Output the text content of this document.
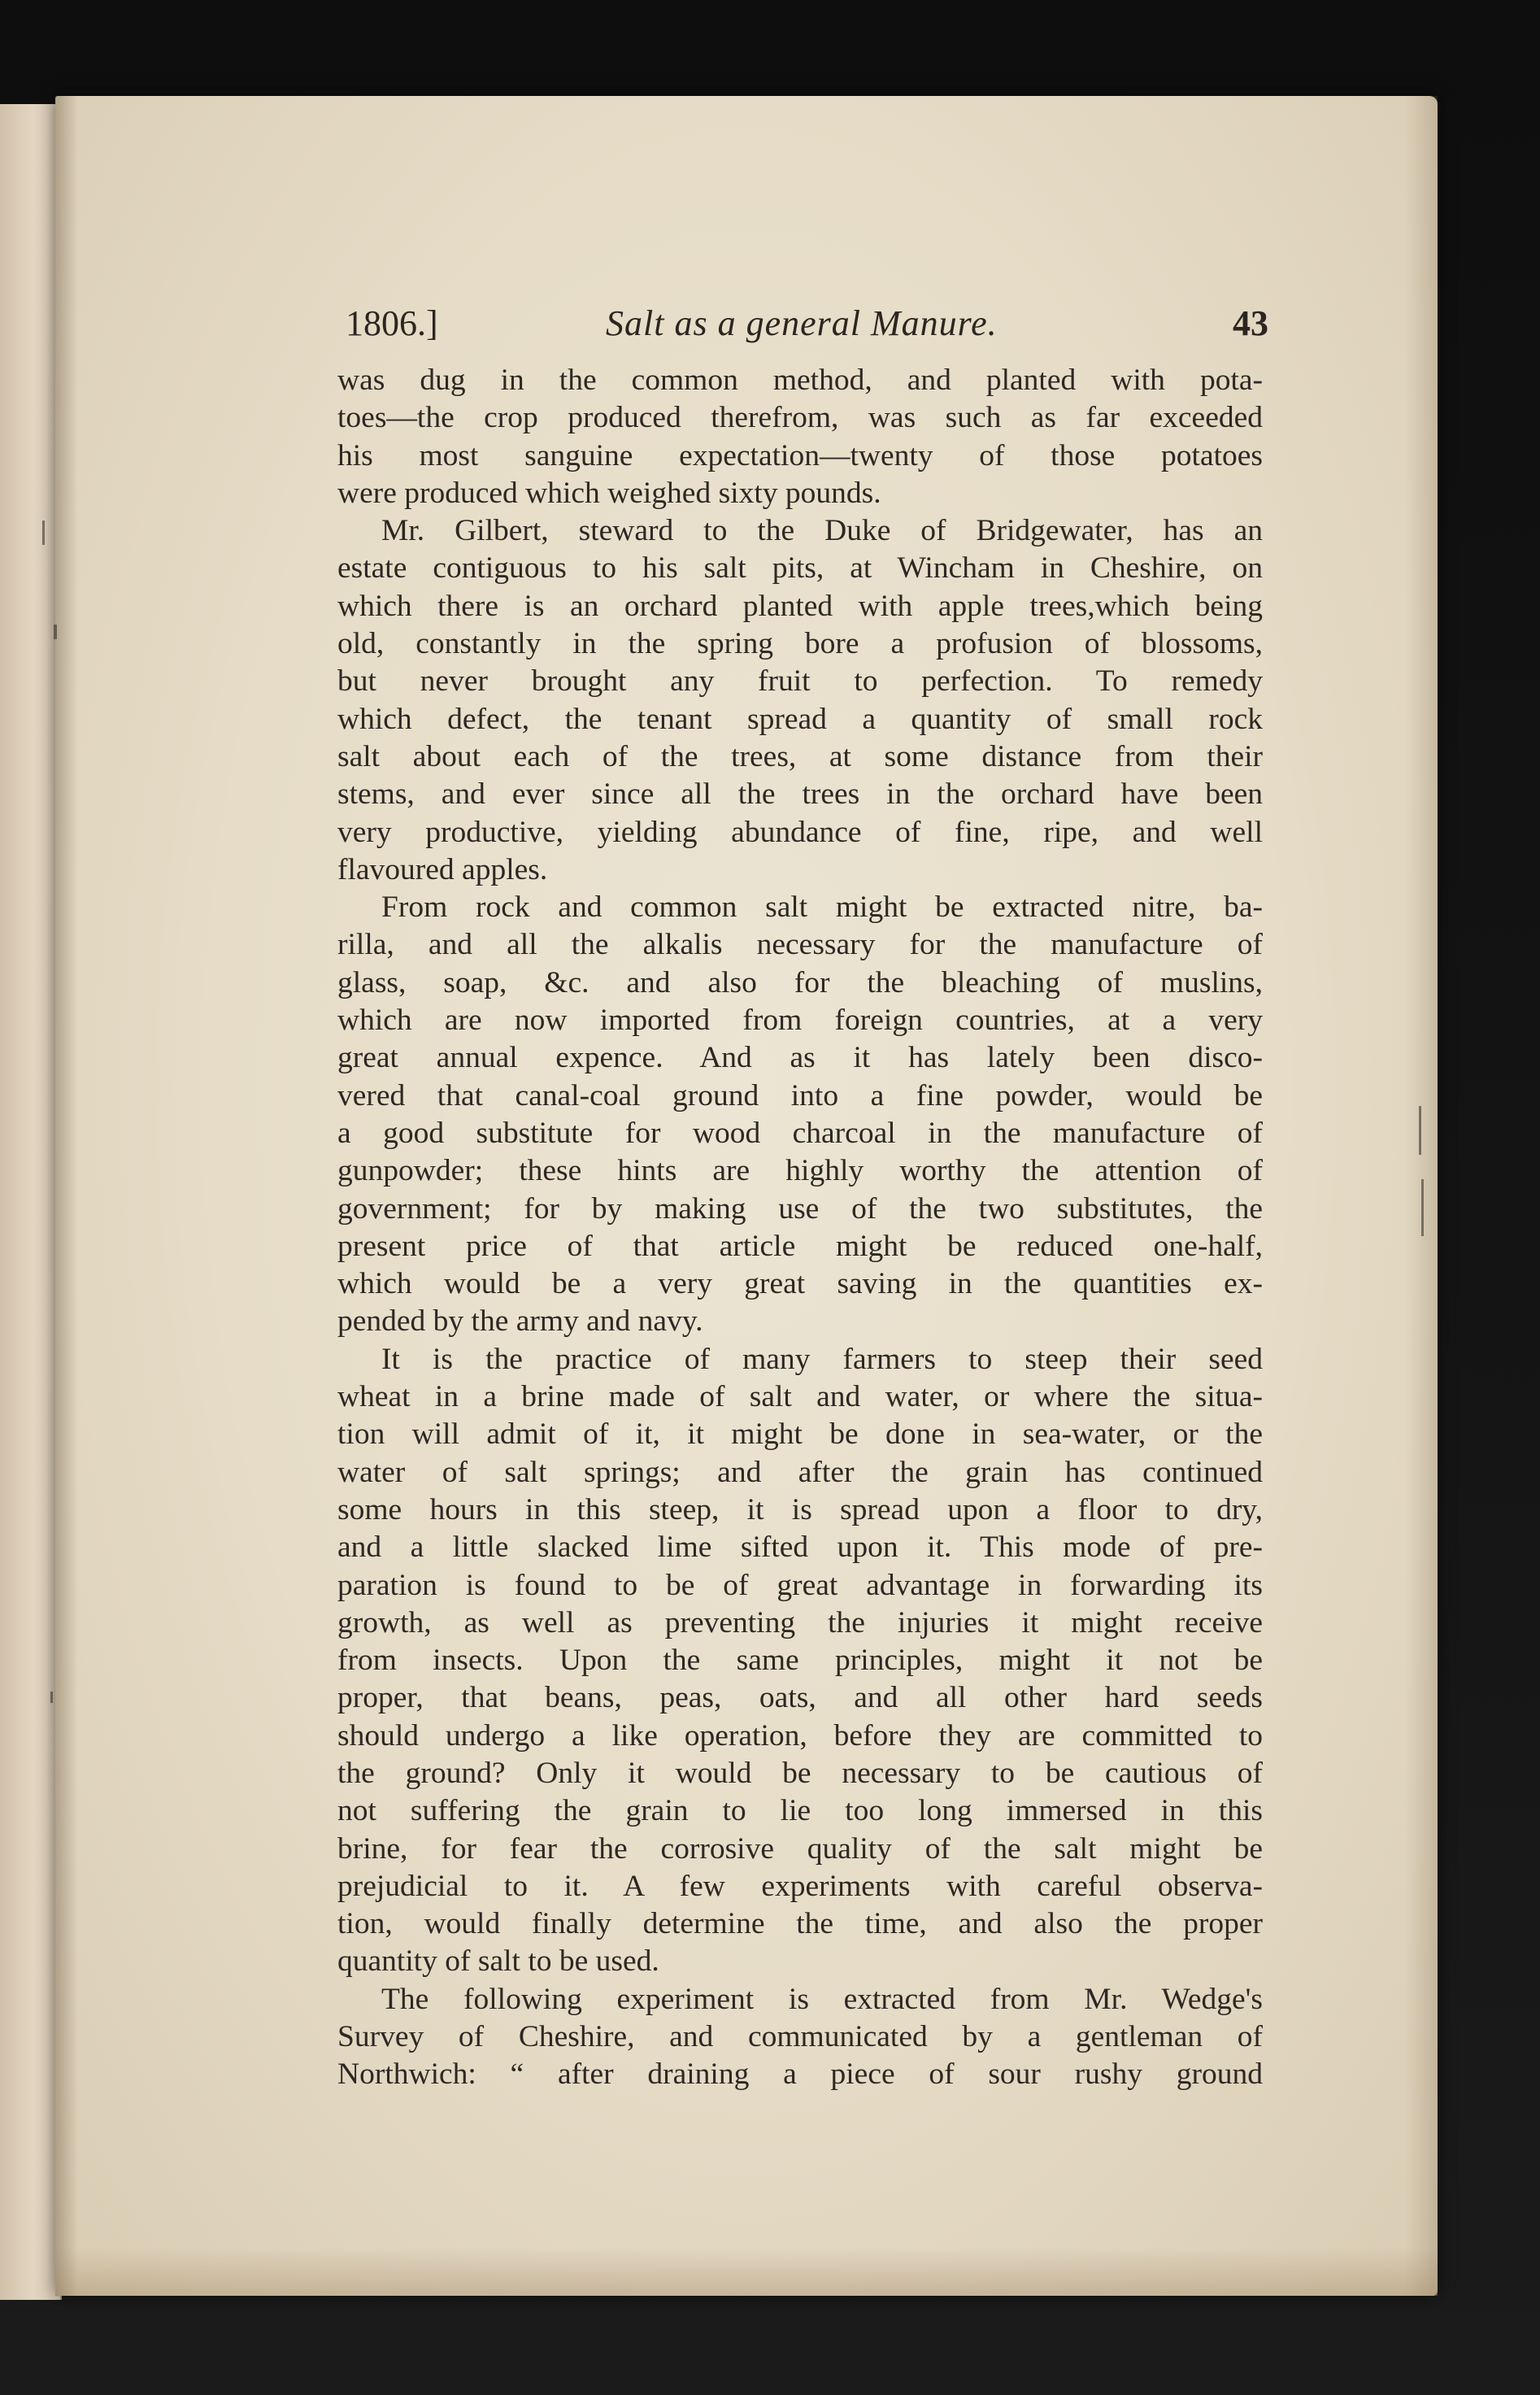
1806.]	Salt as a general Manure.	43
was dug in the common method, and planted with pota-
toes—the crop produced therefrom, was such as far exceeded
his most sanguine expectation—twenty of those potatoes
were produced which weighed sixty pounds.
Mr. Gilbert, steward to the Duke of Bridgewater, has an
estate contiguous to his salt pits, at Wincham in Cheshire, on
which there is an orchard planted with apple trees,which being
old, constantly in the spring bore a profusion of blossoms,
but never brought any fruit to perfection. To remedy
which defect, the tenant spread a quantity of small rock
salt about each of the trees, at some distance from their
stems, and ever since all the trees in the orchard have been
very productive, yielding abundance of fine, ripe, and well
flavoured apples.
From rock and common salt might be extracted nitre, ba-
rilla, and all the alkalis necessary for the manufacture of
glass, soap, &c. and also for the bleaching of muslins,
which are now imported from foreign countries, at a very
great annual expence. And as it has lately been disco-
vered that canal-coal ground into a fine powder, would be
a good substitute for wood charcoal in the manufacture of
gunpowder; these hints are highly worthy the attention of
government; for by making use of the two substitutes, the
present price of that article might be reduced one-half,
which would be a very great saving in the quantities ex-
pended by the army and navy.
It is the practice of many farmers to steep their seed
wheat in a brine made of salt and water, or where the situa-
tion will admit of it, it might be done in sea-water, or the
water of salt springs; and after the grain has continued
some hours in this steep, it is spread upon a floor to dry,
and a little slacked lime sifted upon it. This mode of pre-
paration is found to be of great advantage in forwarding its
growth, as well as preventing the injuries it might receive
from insects. Upon the same principles, might it not be
proper, that beans, peas, oats, and all other hard seeds
should undergo a like operation, before they are committed to
the ground? Only it would be necessary to be cautious of
not suffering the grain to lie too long immersed in this
brine, for fear the corrosive quality of the salt might be
prejudicial to it. A few experiments with careful observa-
tion, would finally determine the time, and also the proper
quantity of salt to be used.
The following experiment is extracted from Mr. Wedge's
Survey of Cheshire, and communicated by a gentleman of
Northwich: “ after draining a piece of sour rushy ground
